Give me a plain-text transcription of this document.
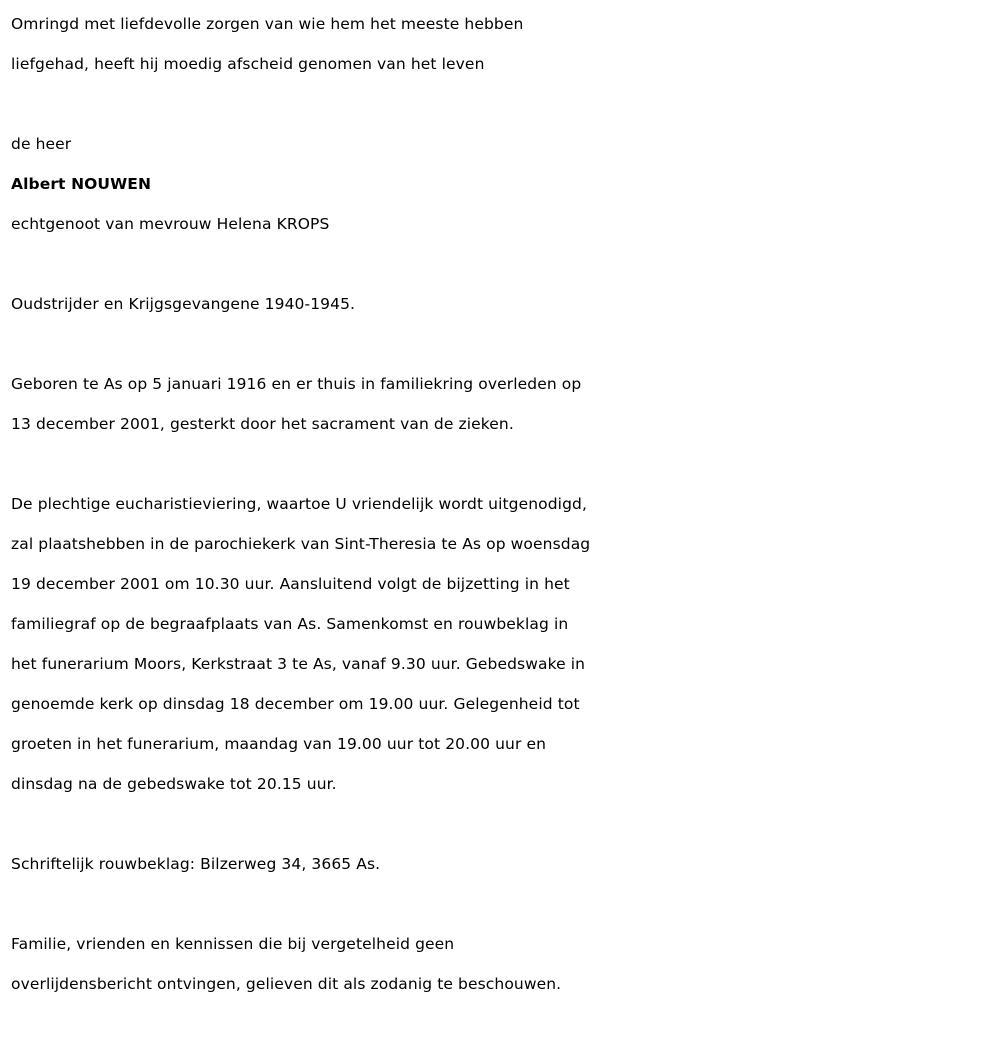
Omringd met liefdevolle zorgen van wie hem het meeste hebben
liefgehad, heeft hij moedig afscheid genomen van het leven
de heer
Albert NOUWEN
echtgenoot van mevrouw Helena KROPS
Oudstrijder en Krijgsgevangene 1940-1945.
Geboren te As op 5 januari 1916 en er thuis in familiekring overleden op
13 december 2001, gesterkt door het sacrament van de zieken.
De plechtige eucharistieviering, waartoe U vriendelijk wordt uitgenodigd,
zal plaatshebben in de parochiekerk van Sint-Theresia te As op woensdag
19 december 2001 om 10.30 uur. Aansluitend volgt de bijzetting in het
familiegraf op de begraafplaats van As. Samenkomst en rouwbeklag in
het funerarium Moors, Kerkstraat 3 te As, vanaf 9.30 uur. Gebedswake in
genoemde kerk op dinsdag 18 december om 19.00 uur. Gelegenheid tot
groeten in het funerarium, maandag van 19.00 uur tot 20.00 uur en
dinsdag na de gebedswake tot 20.15 uur.
Schriftelijk rouwbeklag: Bilzerweg 34, 3665 As.
Familie, vrienden en kennissen die bij vergetelheid geen
overlijdensbericht ontvingen, gelieven dit als zodanig te beschouwen.
